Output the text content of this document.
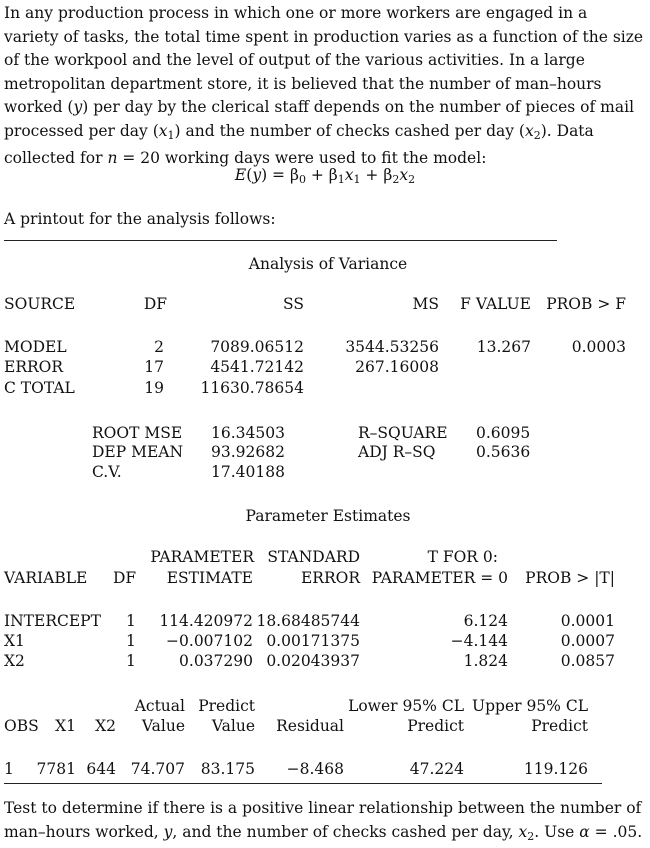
In any production process in which one or more workers are engaged in a variety of tasks, the total time spent in production varies as a function of the size of the workpool and the level of output of the various activities. In a large metropolitan department store, it is believed that the number of man–hours worked (y) per day by the clerical staff depends on the number of pieces of mail processed per day $(x_1)$ and the number of checks cashed per day $(x_2)$. Data collected for n = 20 working days were used to fit the model:
$E(y) = \beta_0 + \beta_1x_1 + \beta_2x_2$
A printout for the analysis follows:
Analysis of Variance
SOURCE	DF	SS	MS F VALUE PROB > F
MODEL	2	7089.06512	3544.53256 13.267	0.0003
ERROR	17	4541.72142	267.16008
C TOTAL	19 11630.78654
ROOT MSE 16.34503	R–SQUARE 0.6095
DEP MEAN 93.92682	ADJ R–SQ	0.5636
C.V.	17.40188
Parameter Estimates
PARAMETER STANDARD	T FOR 0:
VARIABLE DF ESTIMATE	ERROR PARAMETER = 0 PROB > |T|
INTERCEPT 1 114.420972 18.68485744	6.124	0.0001
X1	1 −0.007102 0.00171375	−4.144	0.0007
X2	1	0.037290 0.02043937	1.824	0.0857
Actual Predict	Lower 95% CL Upper 95% CL
OBS X1 X2 Value Value Residual	Predict	Predict
1 7781 644 74.707 83.175 −8.468	47.224	119.126
Test to determine if there is a positive linear relationship between the number of man–hours worked, y, and the number of checks cashed per day, $x_2$. Use α = .05.
